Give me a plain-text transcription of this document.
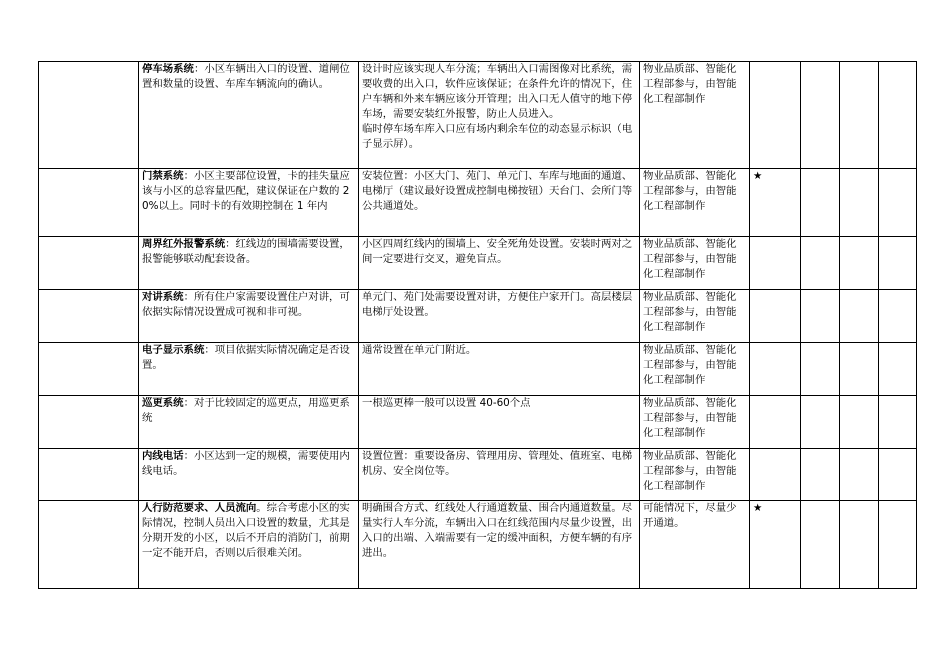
	停车场系统：小区车辆出入口的设置、道闸位置和数量的设置、车库车辆流向的确认。	设计时应该实现人车分流；车辆出入口需图像对比系统，需要收费的出入口，软件应该保证；在条件允许的情况下，住户车辆和外来车辆应该分开管理；出入口无人值守的地下停车场，需要安装红外报警，防止人员进入。
临时停车场车库入口应有场内剩余车位的动态显示标识（电子显示屏）。	物业品质部、智能化工程部参与，由智能化工程部制作				
	门禁系统：小区主要部位设置，卡的挂失量应该与小区的总容量匹配，建议保证在户数的 20%以上。同时卡的有效期控制在 1 年内	安装位置：小区大门、苑门、单元门、车库与地面的通道、电梯厅（建议最好设置成控制电梯按钮）天台门、会所门等公共通道处。	物业品质部、智能化工程部参与，由智能化工程部制作	★			
	周界红外报警系统：红线边的围墙需要设置，报警能够联动配套设备。	小区四周红线内的围墙上、安全死角处设置。安装时两对之间一定要进行交叉，避免盲点。	物业品质部、智能化工程部参与，由智能化工程部制作				
	对讲系统：所有住户家需要设置住户对讲，可依据实际情况设置成可视和非可视。	单元门、苑门处需要设置对讲，方便住户家开门。高层楼层电梯厅处设置。	物业品质部、智能化工程部参与，由智能化工程部制作				
	电子显示系统：项目依据实际情况确定是否设置。	通常设置在单元门附近。	物业品质部、智能化工程部参与，由智能化工程部制作				
	巡更系统：对于比较固定的巡更点，用巡更系统	一根巡更棒一般可以设置 40-60个点	物业品质部、智能化工程部参与，由智能化工程部制作				
	内线电话：小区达到一定的规模，需要使用内线电话。	设置位置：重要设备房、管理用房、管理处、值班室、电梯机房、安全岗位等。	物业品质部、智能化工程部参与，由智能化工程部制作				
	人行防范要求、人员流向。综合考虑小区的实际情况，控制人员出入口设置的数量，尤其是分期开发的小区，以后不开启的消防门，前期一定不能开启，否则以后很难关闭。	明确围合方式、红线处人行通道数量、围合内通道数量。尽量实行人车分流，车辆出入口在红线范围内尽量少设置，出入口的出端、入端需要有一定的缓冲面积，方便车辆的有序进出。	可能情况下，尽量少开通道。	★			
